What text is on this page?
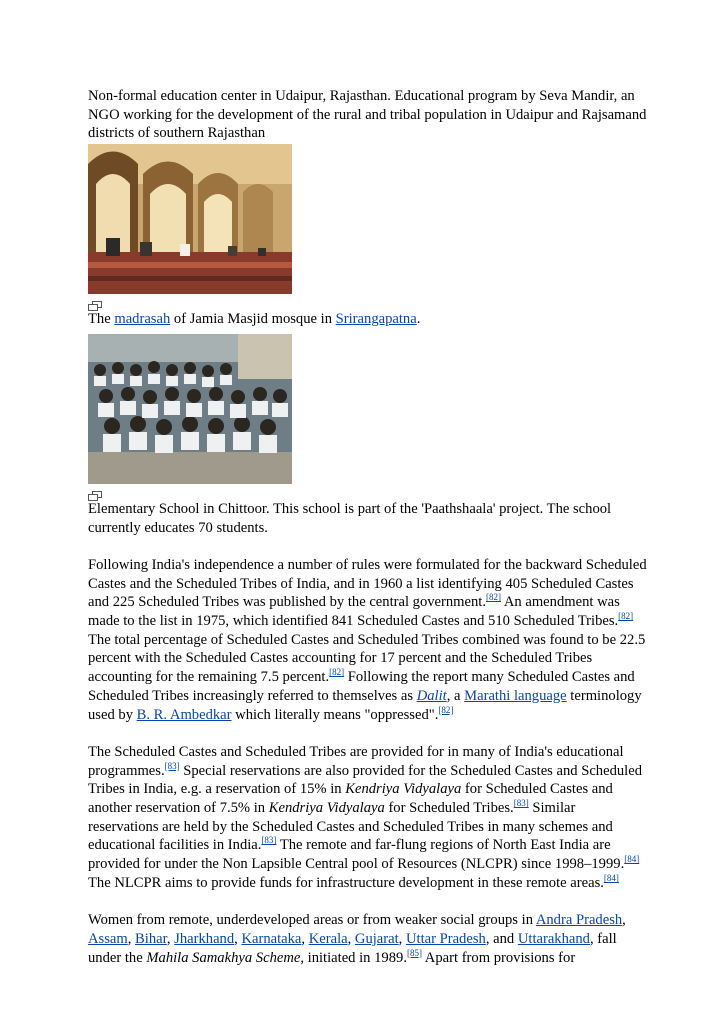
Non-formal education center in Udaipur, Rajasthan. Educational program by Seva Mandir, an NGO working for the development of the rural and tribal population in Udaipur and Rajsamand districts of southern Rajasthan

The madrasah of Jamia Masjid mosque in Srirangapatna.

Elementary School in Chittoor. This school is part of the 'Paathshaala' project. The school currently educates 70 students.

Following India's independence a number of rules were formulated for the backward Scheduled Castes and the Scheduled Tribes of India, and in 1960 a list identifying 405 Scheduled Castes and 225 Scheduled Tribes was published by the central government.[82] An amendment was made to the list in 1975, which identified 841 Scheduled Castes and 510 Scheduled Tribes.[82] The total percentage of Scheduled Castes and Scheduled Tribes combined was found to be 22.5 percent with the Scheduled Castes accounting for 17 percent and the Scheduled Tribes accounting for the remaining 7.5 percent.[82] Following the report many Scheduled Castes and Scheduled Tribes increasingly referred to themselves as Dalit, a Marathi language terminology used by B. R. Ambedkar which literally means "oppressed".[82]

The Scheduled Castes and Scheduled Tribes are provided for in many of India's educational programmes.[83] Special reservations are also provided for the Scheduled Castes and Scheduled Tribes in India, e.g. a reservation of 15% in Kendriya Vidyalaya for Scheduled Castes and another reservation of 7.5% in Kendriya Vidyalaya for Scheduled Tribes.[83] Similar reservations are held by the Scheduled Castes and Scheduled Tribes in many schemes and educational facilities in India.[83] The remote and far-flung regions of North East India are provided for under the Non Lapsible Central pool of Resources (NLCPR) since 1998–1999.[84] The NLCPR aims to provide funds for infrastructure development in these remote areas.[84]

Women from remote, underdeveloped areas or from weaker social groups in Andra Pradesh, Assam, Bihar, Jharkhand, Karnataka, Kerala, Gujarat, Uttar Pradesh, and Uttarakhand, fall under the Mahila Samakhya Scheme, initiated in 1989.[85] Apart from provisions for
